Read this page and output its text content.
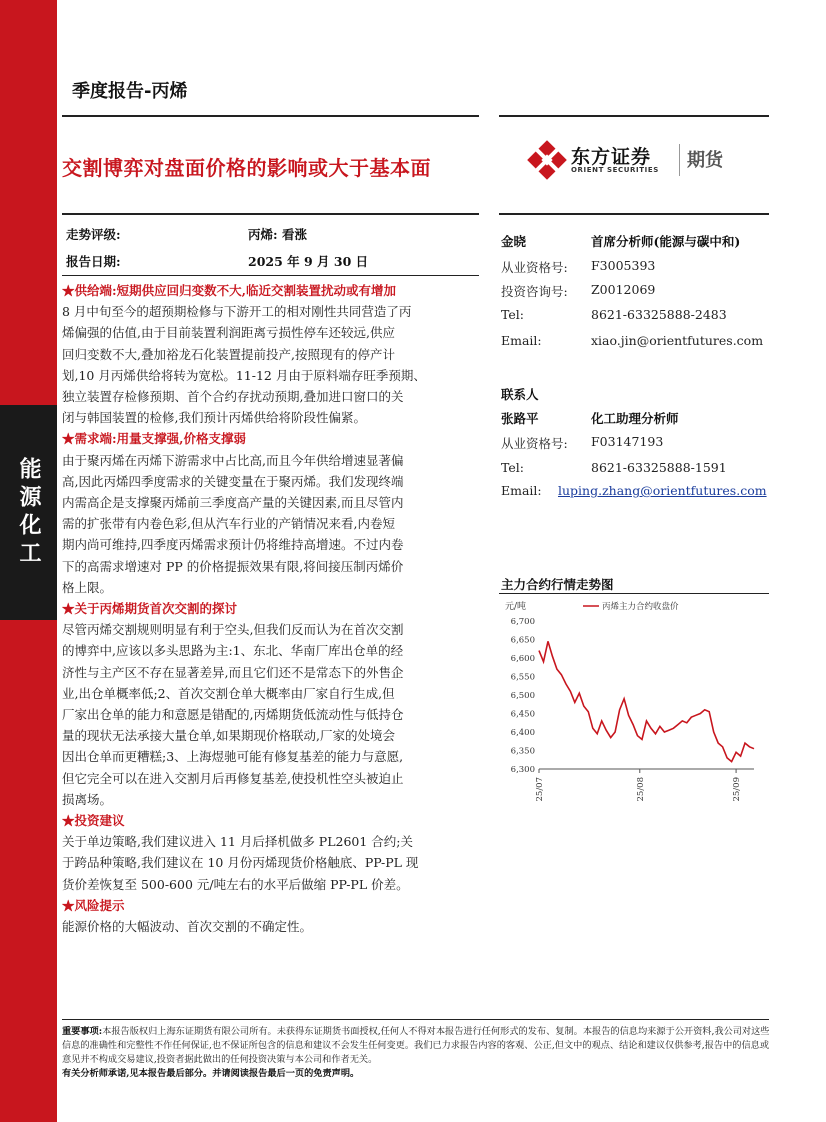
能源化工
季度报告-丙烯
交割博弈对盘面价格的影响或大于基本面	东方证券
ORIENT SECURITIES 期货
走势评级:	丙烯: 看涨
报告日期:	2025 年 9 月 30 日
★供给端:短期供应回归变数不大,临近交割装置扰动或有增加
8 月中旬至今的超预期检修与下游开工的相对刚性共同营造了丙
烯偏强的估值,由于目前装置利润距离亏损性停车还较远,供应
回归变数不大,叠加裕龙石化装置提前投产,按照现有的停产计
划,10 月丙烯供给将转为宽松。11-12 月由于原料端存旺季预期、
独立装置存检修预期、首个合约存扰动预期,叠加进口窗口的关
闭与韩国装置的检修,我们预计丙烯供给将阶段性偏紧。
★需求端:用量支撑强,价格支撑弱
由于聚丙烯在丙烯下游需求中占比高,而且今年供给增速显著偏
高,因此丙烯四季度需求的关键变量在于聚丙烯。我们发现终端
内需高企是支撑聚丙烯前三季度高产量的关键因素,而且尽管内
需的扩张带有内卷色彩,但从汽车行业的产销情况来看,内卷短
期内尚可维持,四季度丙烯需求预计仍将维持高增速。不过内卷
下的高需求增速对 PP 的价格提振效果有限,将间接压制丙烯价
格上限。
★关于丙烯期货首次交割的探讨
尽管丙烯交割规则明显有利于空头,但我们反而认为在首次交割
的博弈中,应该以多头思路为主:1、东北、华南厂库出仓单的经
济性与主产区不存在显著差异,而且它们还不是常态下的外售企
业,出仓单概率低;2、首次交割仓单大概率由厂家自行生成,但
厂家出仓单的能力和意愿是错配的,丙烯期货低流动性与低持仓
量的现状无法承接大量仓单,如果期现价格联动,厂家的处境会
因出仓单而更糟糕;3、上海煜驰可能有修复基差的能力与意愿,
但它完全可以在进入交割月后再修复基差,使投机性空头被迫止
损离场。
★投资建议
关于单边策略,我们建议进入 11 月后择机做多 PL2601 合约;关
于跨品种策略,我们建议在 10 月份丙烯现货价格触底、PP-PL 现
货价差恢复至 500-600 元/吨左右的水平后做缩 PP-PL 价差。
★风险提示
能源价格的大幅波动、首次交割的不确定性。
金晓	首席分析师(能源与碳中和)
从业资格号: F3005393
投资咨询号: Z0012069
Tel:	8621-63325888-2483
Email:	xiao.jin@orientfutures.com
联系人
张路平	化工助理分析师
从业资格号: F03147193
Tel:	8621-63325888-1591
Email: luping.zhang@orientfutures.com
主力合约行情走势图
元/吨	丙烯主力合约收盘价
6,300
6,350
6,400
6,450
6,500
6,550
6,600
6,650
6,700
25/07	25/08	25/09
重要事项:本报告版权归上海东证期货有限公司所有。未获得东证期货书面授权,任何人不得对本报告进行任何形式的发布、复制。本报告的信息均来源于公开资料,我公司对这些信息的准确性和完整性不作任何保证,也不保证所包含的信息和建议不会发生任何变更。我们已力求报告内容的客观、公正,但文中的观点、结论和建议仅供参考,报告中的信息或意见并不构成交易建议,投资者据此做出的任何投资决策与本公司和作者无关。
有关分析师承诺,见本报告最后部分。并请阅读报告最后一页的免责声明。
